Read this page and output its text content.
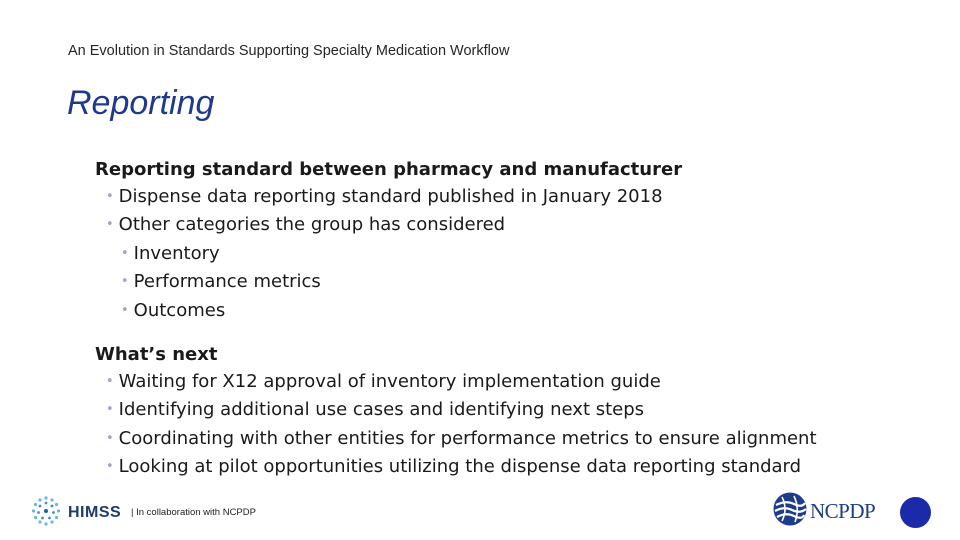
An Evolution in Standards Supporting Specialty Medication Workflow
Reporting
Reporting standard between pharmacy and manufacturer
• Dispense data reporting standard published in January 2018
• Other categories the group has considered
• Inventory
• Performance metrics
• Outcomes
What’s next
• Waiting for X12 approval of inventory implementation guide
• Identifying additional use cases and identifying next steps
• Coordinating with other entities for performance metrics to ensure alignment
• Looking at pilot opportunities utilizing the dispense data reporting standard
HIMSS | In collaboration with NCPDP	NCPDP
